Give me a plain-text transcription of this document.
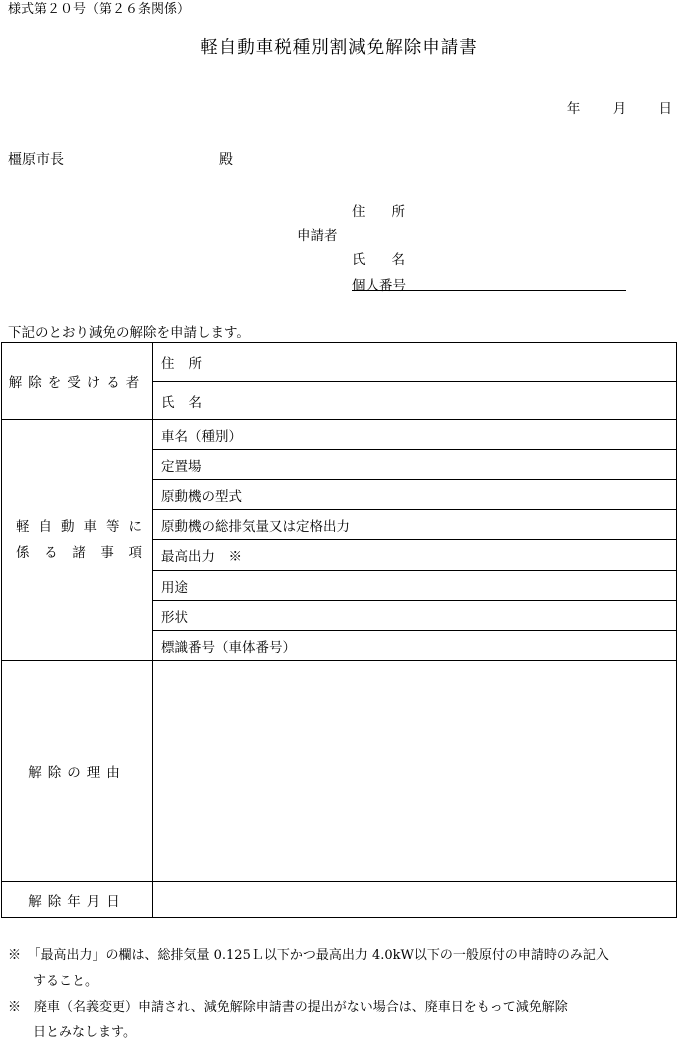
様式第２０号（第２６条関係）
軽自動車税種別割減免解除申請書
年 月 日
橿原市長	殿
住所
申請者
氏名
個人番号
下記のとおり減免の解除を申請します。
解除を受ける者	住所
	氏名

軽自動車等に
係る諸事項	車名（種別）
	定置場
	原動機の型式
	原動機の総排気量又は定格出力
	最高出力　※
	用途
	形状
	標識番号（車体番号）
解除の理由	
解除年月日	
※　「最高出力」の欄は、総排気量 0.125Ｌ以下かつ最高出力 4.0kW以下の一般原付の申請時のみ記入
すること。
※　廃車（名義変更）申請され、減免解除申請書の提出がない場合は、廃車日をもって減免解除
日とみなします。
